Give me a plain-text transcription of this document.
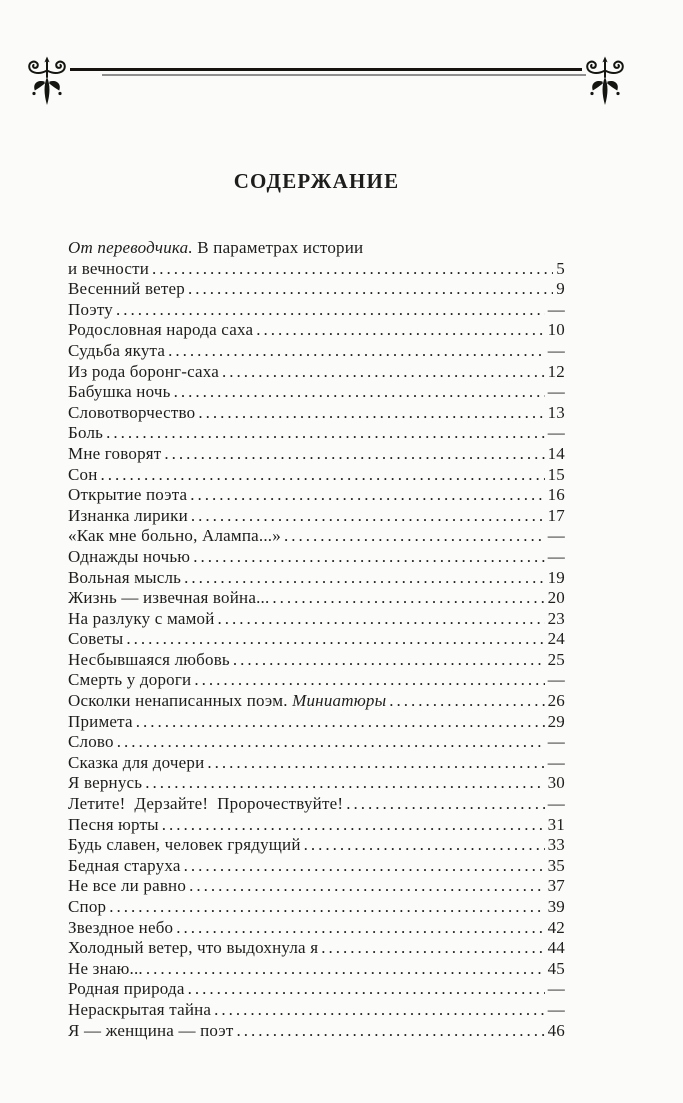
СОДЕРЖАНИЕ
От переводчика. В параметрах истории
и вечности .....	5
Весенний ветер .....	9
Поэту .....	—
Родословная народа саха .....	10
Судьба якута .....	—
Из рода боронг-саха .....	12
Бабушка ночь .....	—
Словотворчество .....	13
Боль .....	—
Мне говорят .....	14
Сон .....	15
Открытие поэта .....	16
Изнанка лирики .....	17
«Как мне больно, Алампа...» .....	—
Однажды ночью .....	—
Вольная мысль .....	19
Жизнь — извечная война... .....	20
На разлуку с мамой .....	23
Советы .....	24
Несбывшаяся любовь .....	25
Смерть у дороги .....	—
Осколки ненаписанных поэм. Миниатюры .....	26
Примета .....	29
Слово .....	—
Сказка для дочери .....	—
Я вернусь .....	30
Летите!  Дерзайте!  Пророчествуйте! .....	—
Песня юрты .....	31
Будь славен, человек грядущий .....	33
Бедная старуха .....	35
Не все ли равно .....	37
Спор .....	39
Звездное небо .....	42
Холодный ветер, что выдохнула я .....	44
Не знаю... .....	45
Родная природа .....	—
Нераскрытая тайна .....	—
Я — женщина — поэт .....	46
